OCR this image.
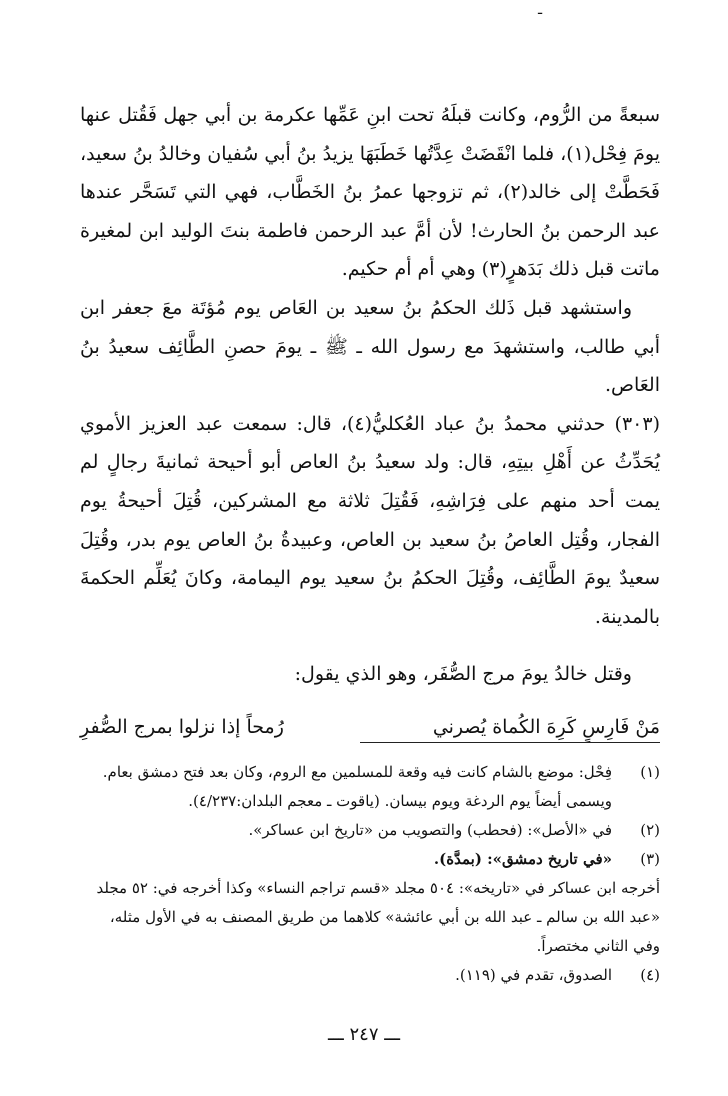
ـ

سبعةً من الرُّوم، وكانت قبلَهُ تحت ابنِ عَمِّها عكرمة بن أبي جهل فَقُتل عنها يومَ فِحْل(١)، فلما انْقَضَتْ عِدَّتُها خَطَبَهَا يزيدُ بنُ أبي سُفيان وخالدُ بنُ سعيد، فَحَطَّتْ إلى خالد(٢)، ثم تزوجها عمرُ بنُ الخَطَّاب، فهي التي تَسَحَّر عندها عبد الرحمن بنُ الحارث! لأن أمَّ عبد الرحمن فاطمة بنتَ الوليد ابن لمغيرة ماتت قبل ذلك بَدَهرٍ(٣) وهي أم أم حكيم.

واستشهد قبل ذَلك الحكمُ بنُ سعيد بن العَاص يوم مُؤتَة معَ جعفر ابن أبي طالب، واستشهدَ مع رسول الله ـ ﷺ ـ يومَ حصنِ الطَّائِف سعيدُ بنُ العَاص.

(٣٠٣) حدثني محمدُ بنُ عباد العُكليُّ(٤)، قال: سمعت عبد العزيز الأموي يُحَدِّثُ عن أَهْلِ بيتِهِ، قال: ولد سعيدُ بنُ العاص أبو أحيحة ثمانيةَ رجالٍ لم يمت أحد منهم على فِرَاشِهِ، فَقُتِلَ ثلاثة مع المشركين، قُتِلَ أحيحةُ يوم الفجار، وقُتِل العاصُ بنُ سعيد بن العاص، وعبيدةُ بنُ العاص يوم بدر، وقُتِلَ سعيدٌ يومَ الطَّائِف، وقُتِلَ الحكمُ بنُ سعيد يوم اليمامة، وكانَ يُعَلِّم الحكمةَ بالمدينة.

وقتل خالدُ يومَ مرج الصُّفَر، وهو الذي يقول:

مَنْ فَارِسٍ كَرِهَ الكُماة يُصرني
رُمحاً إذا نزلوا بمرج الصُّفرِ
(١)
فِحْل: موضع بالشام كانت فيه وقعة للمسلمين مع الروم، وكان بعد فتح دمشق بعام. ويسمى أيضاً يوم الردغة ويوم بيسان. (ياقوت ـ معجم البلدان:٤/٢٣٧).
(٢)
في «الأصل»: (فحطب) والتصويب من «تاريخ ابن عساكر».
(٣)
«في تاريخ دمشق»: (بمدَّة).
أخرجه ابن عساكر في «تاريخه»: ٥٠٤ مجلد «قسم تراجم النساء» وكذا أخرجه في: ٥٢ مجلد «عبد الله بن سالم ـ عبد الله بن أبي عائشة» كلاهما من طريق المصنف به في الأول مثله، وفي الثاني مختصراً.
(٤)
الصدوق، تقدم في (١١٩).
ـــ ٢٤٧ ـــ
